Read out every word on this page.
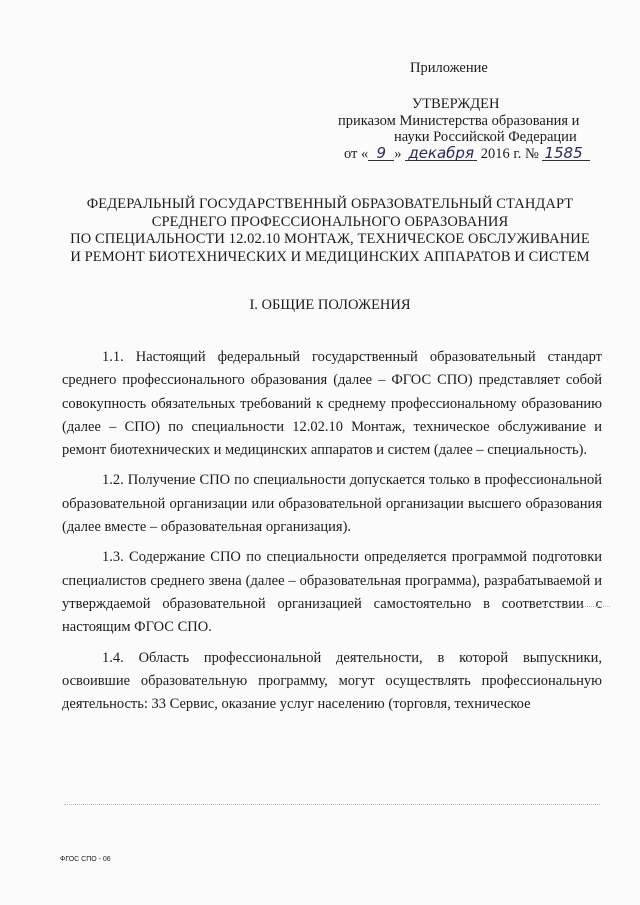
Приложение
УТВЕРЖДЕН
приказом Министерства образования и
науки Российской Федерации
от « 9 » декабря 2016 г. № 1585
ФЕДЕРАЛЬНЫЙ ГОСУДАРСТВЕННЫЙ ОБРАЗОВАТЕЛЬНЫЙ СТАНДАРТ
СРЕДНЕГО ПРОФЕССИОНАЛЬНОГО ОБРАЗОВАНИЯ
ПО СПЕЦИАЛЬНОСТИ 12.02.10 МОНТАЖ, ТЕХНИЧЕСКОЕ ОБСЛУЖИВАНИЕ
И РЕМОНТ БИОТЕХНИЧЕСКИХ И МЕДИЦИНСКИХ АППАРАТОВ И СИСТЕМ
I. ОБЩИЕ ПОЛОЖЕНИЯ

1.1. Настоящий федеральный государственный образовательный стандарт среднего профессионального образования (далее – ФГОС СПО) представляет собой совокупность обязательных требований к среднему профессиональному образованию (далее – СПО) по специальности 12.02.10 Монтаж, техническое обслуживание и ремонт биотехнических и медицинских аппаратов и систем (далее – специальность).

1.2. Получение СПО по специальности допускается только в профессиональной образовательной организации или образовательной организации высшего образования (далее вместе – образовательная организация).

1.3. Содержание СПО по специальности определяется программой подготовки специалистов среднего звена (далее – образовательная программа), разрабатываемой и утверждаемой образовательной организацией самостоятельно в соответствии с настоящим ФГОС СПО.

1.4. Область профессиональной деятельности, в которой выпускники, освоившие образовательную программу, могут осуществлять профессиональную деятельность: 33 Сервис, оказание услуг населению (торговля, техническое

ФГОС СПО - 06
